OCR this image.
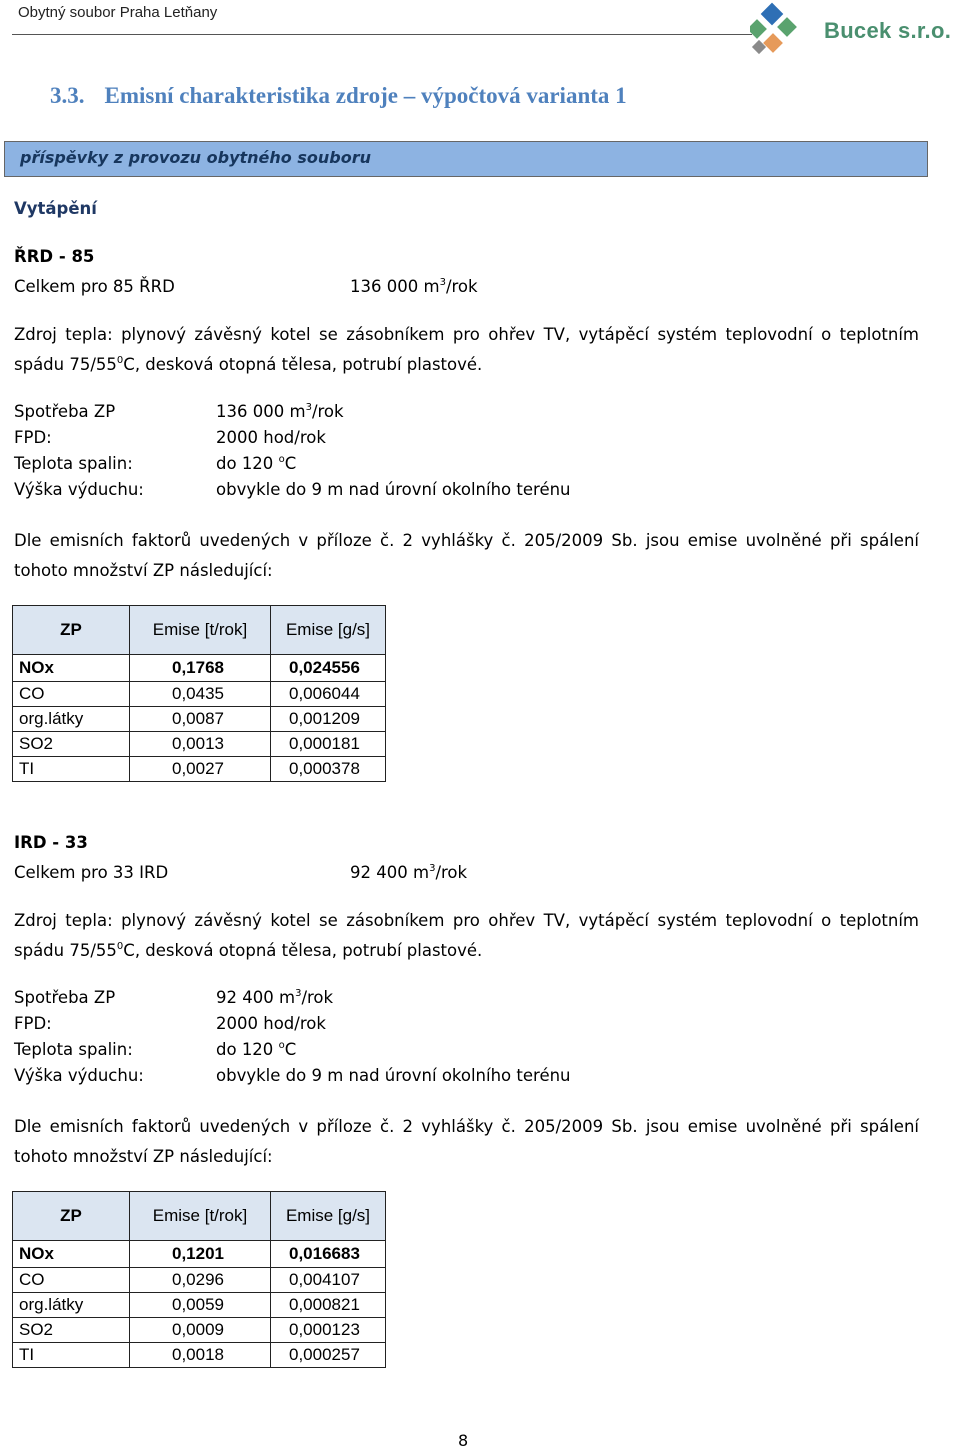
Obytný soubor Praha Letňany
Bucek s.r.o.
3.3. Emisní charakteristika zdroje – výpočtová varianta 1
příspěvky z provozu obytného souboru
Vytápění
ŘRD - 85
Celkem pro 85 ŘRD	136 000 $m^3$/rok
Zdroj tepla: plynový závěsný kotel se zásobníkem pro ohřev TV, vytápěcí systém teplovodní o teplotním
spádu $75/55^0C$, desková otopná tělesa, potrubí plastové.
Spotřeba ZP	136 000 $m^3$/rok
FPD:	2000 hod/rok
Teplota spalin:	do 120 $^o$C
Výška výduchu:	obvykle do 9 m nad úrovní okolního terénu
Dle emisních faktorů uvedených v příloze č. 2 vyhlášky č. 205/2009 Sb. jsou emise uvolněné při spálení
tohoto množství ZP následující:
ZP	Emise [t/rok]	Emise [g/s]
NOx	0,1768	0,024556
CO	0,0435	0,006044
org.látky	0,0087	0,001209
SO2	0,0013	0,000181
TI	0,0027	0,000378
IRD - 33
Celkem pro 33 IRD	92 400 $m^3$/rok
Zdroj tepla: plynový závěsný kotel se zásobníkem pro ohřev TV, vytápěcí systém teplovodní o teplotním
spádu $75/55^0C$, desková otopná tělesa, potrubí plastové.
Spotřeba ZP	92 400 $m^3$/rok
FPD:	2000 hod/rok
Teplota spalin:	do 120 $^o$C
Výška výduchu:	obvykle do 9 m nad úrovní okolního terénu
Dle emisních faktorů uvedených v příloze č. 2 vyhlášky č. 205/2009 Sb. jsou emise uvolněné při spálení
tohoto množství ZP následující:
ZP	Emise [t/rok]	Emise [g/s]
NOx	0,1201	0,016683
CO	0,0296	0,004107
org.látky	0,0059	0,000821
SO2	0,0009	0,000123
TI	0,0018	0,000257
8
